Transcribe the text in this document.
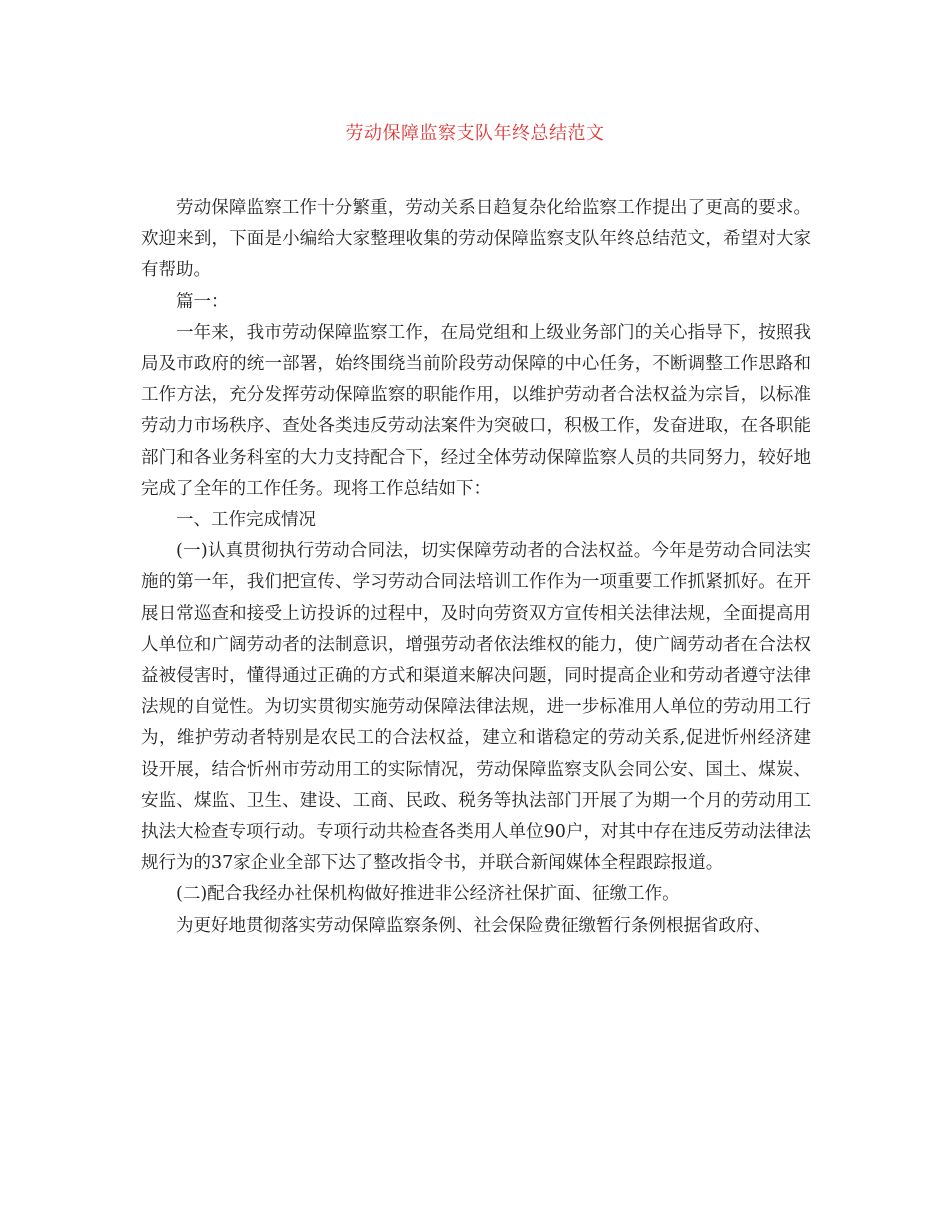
劳动保障监察支队年终总结范文

劳动保障监察工作十分繁重，劳动关系日趋复杂化给监察工作提出了更高的要求。欢迎来到，下面是小编给大家整理收集的劳动保障监察支队年终总结范文，希望对大家有帮助。

篇一：

一年来，我市劳动保障监察工作，在局党组和上级业务部门的关心指导下，按照我局及市政府的统一部署，始终围绕当前阶段劳动保障的中心任务，不断调整工作思路和工作方法，充分发挥劳动保障监察的职能作用，以维护劳动者合法权益为宗旨，以标准劳动力市场秩序、查处各类违反劳动法案件为突破口，积极工作，发奋进取，在各职能部门和各业务科室的大力支持配合下，经过全体劳动保障监察人员的共同努力，较好地完成了全年的工作任务。现将工作总结如下：

一、工作完成情况

(一)认真贯彻执行劳动合同法，切实保障劳动者的合法权益。今年是劳动合同法实施的第一年，我们把宣传、学习劳动合同法培训工作作为一项重要工作抓紧抓好。在开展日常巡查和接受上访投诉的过程中，及时向劳资双方宣传相关法律法规，全面提高用人单位和广阔劳动者的法制意识，增强劳动者依法维权的能力，使广阔劳动者在合法权益被侵害时，懂得通过正确的方式和渠道来解决问题，同时提高企业和劳动者遵守法律法规的自觉性。为切实贯彻实施劳动保障法律法规，进一步标准用人单位的劳动用工行为，维护劳动者特别是农民工的合法权益，建立和谐稳定的劳动关系,促进忻州经济建设开展，结合忻州市劳动用工的实际情况，劳动保障监察支队会同公安、国土、煤炭、安监、煤监、卫生、建设、工商、民政、税务等执法部门开展了为期一个月的劳动用工执法大检查专项行动。专项行动共检查各类用人单位90户，对其中存在违反劳动法律法规行为的37家企业全部下达了整改指令书，并联合新闻媒体全程跟踪报道。

(二)配合我经办社保机构做好推进非公经济社保扩面、征缴工作。

为更好地贯彻落实劳动保障监察条例、社会保险费征缴暂行条例根据省政府、
